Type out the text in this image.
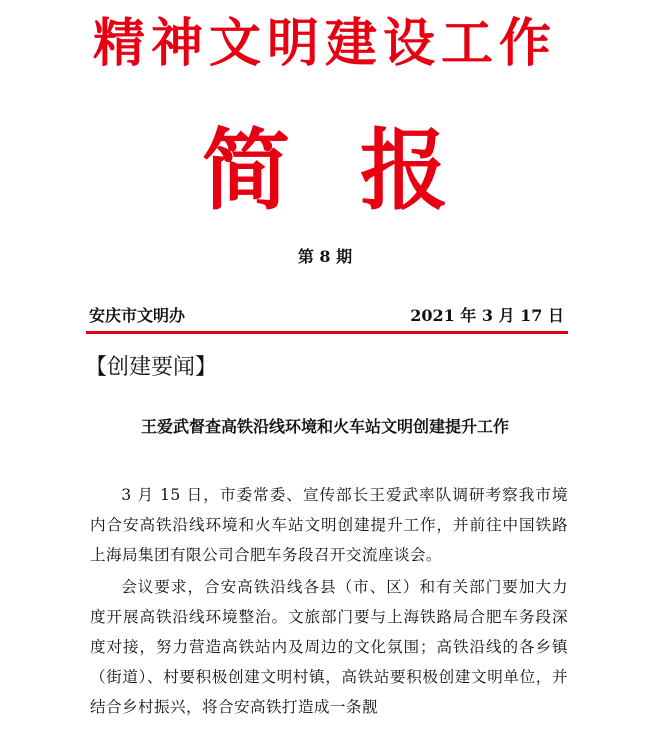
精神文明建设工作
简报
第 8 期
安庆市文明办	2021 年 3 月 17 日
【创建要闻】
王爱武督查高铁沿线环境和火车站文明创建提升工作

3 月 15 日，市委常委、宣传部长王爱武率队调研考察我市境内合安高铁沿线环境和火车站文明创建提升工作，并前往中国铁路上海局集团有限公司合肥车务段召开交流座谈会。

会议要求，合安高铁沿线各县（市、区）和有关部门要加大力度开展高铁沿线环境整治。文旅部门要与上海铁路局合肥车务段深度对接，努力营造高铁站内及周边的文化氛围；高铁沿线的各乡镇（街道）、村要积极创建文明村镇，高铁站要积极创建文明单位，并结合乡村振兴，将合安高铁打造成一条靓
